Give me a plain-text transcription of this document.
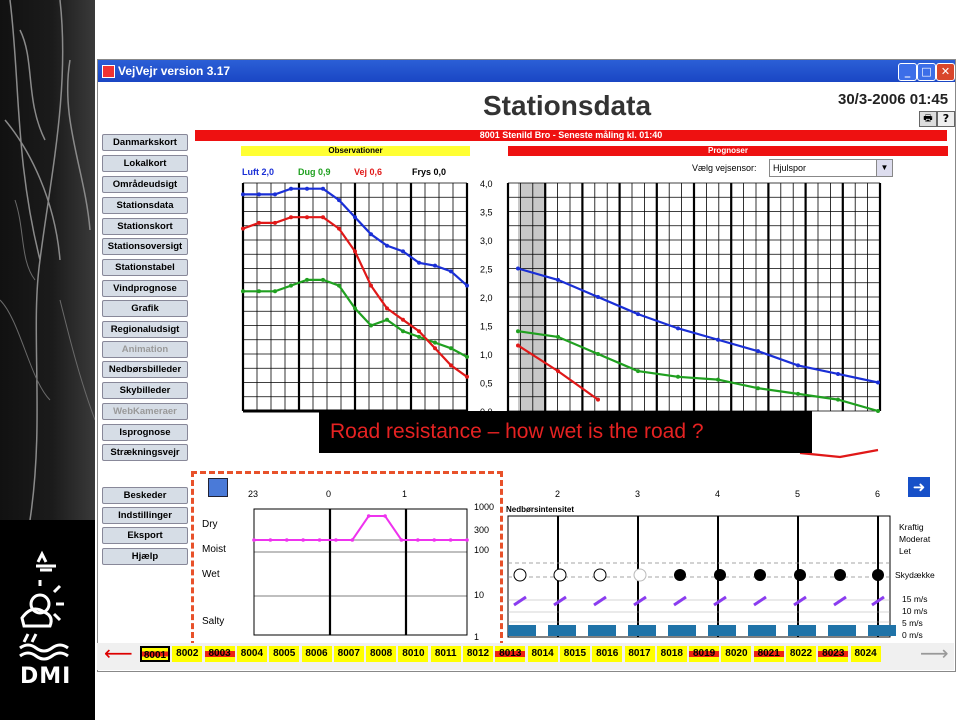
DMI
VejVejr version 3.17	_	□ ✕
Stationsdata	30/3-2006 01:45
🖶 ?
Danmarkskort
Lokalkort
Områdeudsigt
Stationsdata
Stationskort
Stationsoversigt
Stationstabel
Vindprognose
Grafik
Regionaludsigt
Animation
Nedbørsbilleder
Skybilleder
WebKameraer
Isprognose
Strækningsvejr
Beskeder
Indstillinger
Eksport
Hjælp
8001 Stenild Bro - Seneste måling kl. 01:40
Observationer	Prognoser
Luft 2,0	Dug 0,9	Vej 0,6	Frys 0,0	Vælg vejsensor: Hjulspor	▼
4,0
3,5
3,0
2,5
2,0
1,5
1,0
0,5
2	3	4	5	6
23	0	1
Dry
Moist
Wet
Salty
Nedbørsintensitet
1000
300
100
10
1
Kraftig
Moderat
Let
Skydække
15 m/s
10 m/s
5 m/s
0 m/s
Road resistance – how wet is the road ?
⟵	⟶
8001	8002	8003	8004	8005	8006	8007	8008	8010	8011	8012	8013	8014	8015	8016	8017	8018	8019	8020	8021	8022	8023	8024
➜
